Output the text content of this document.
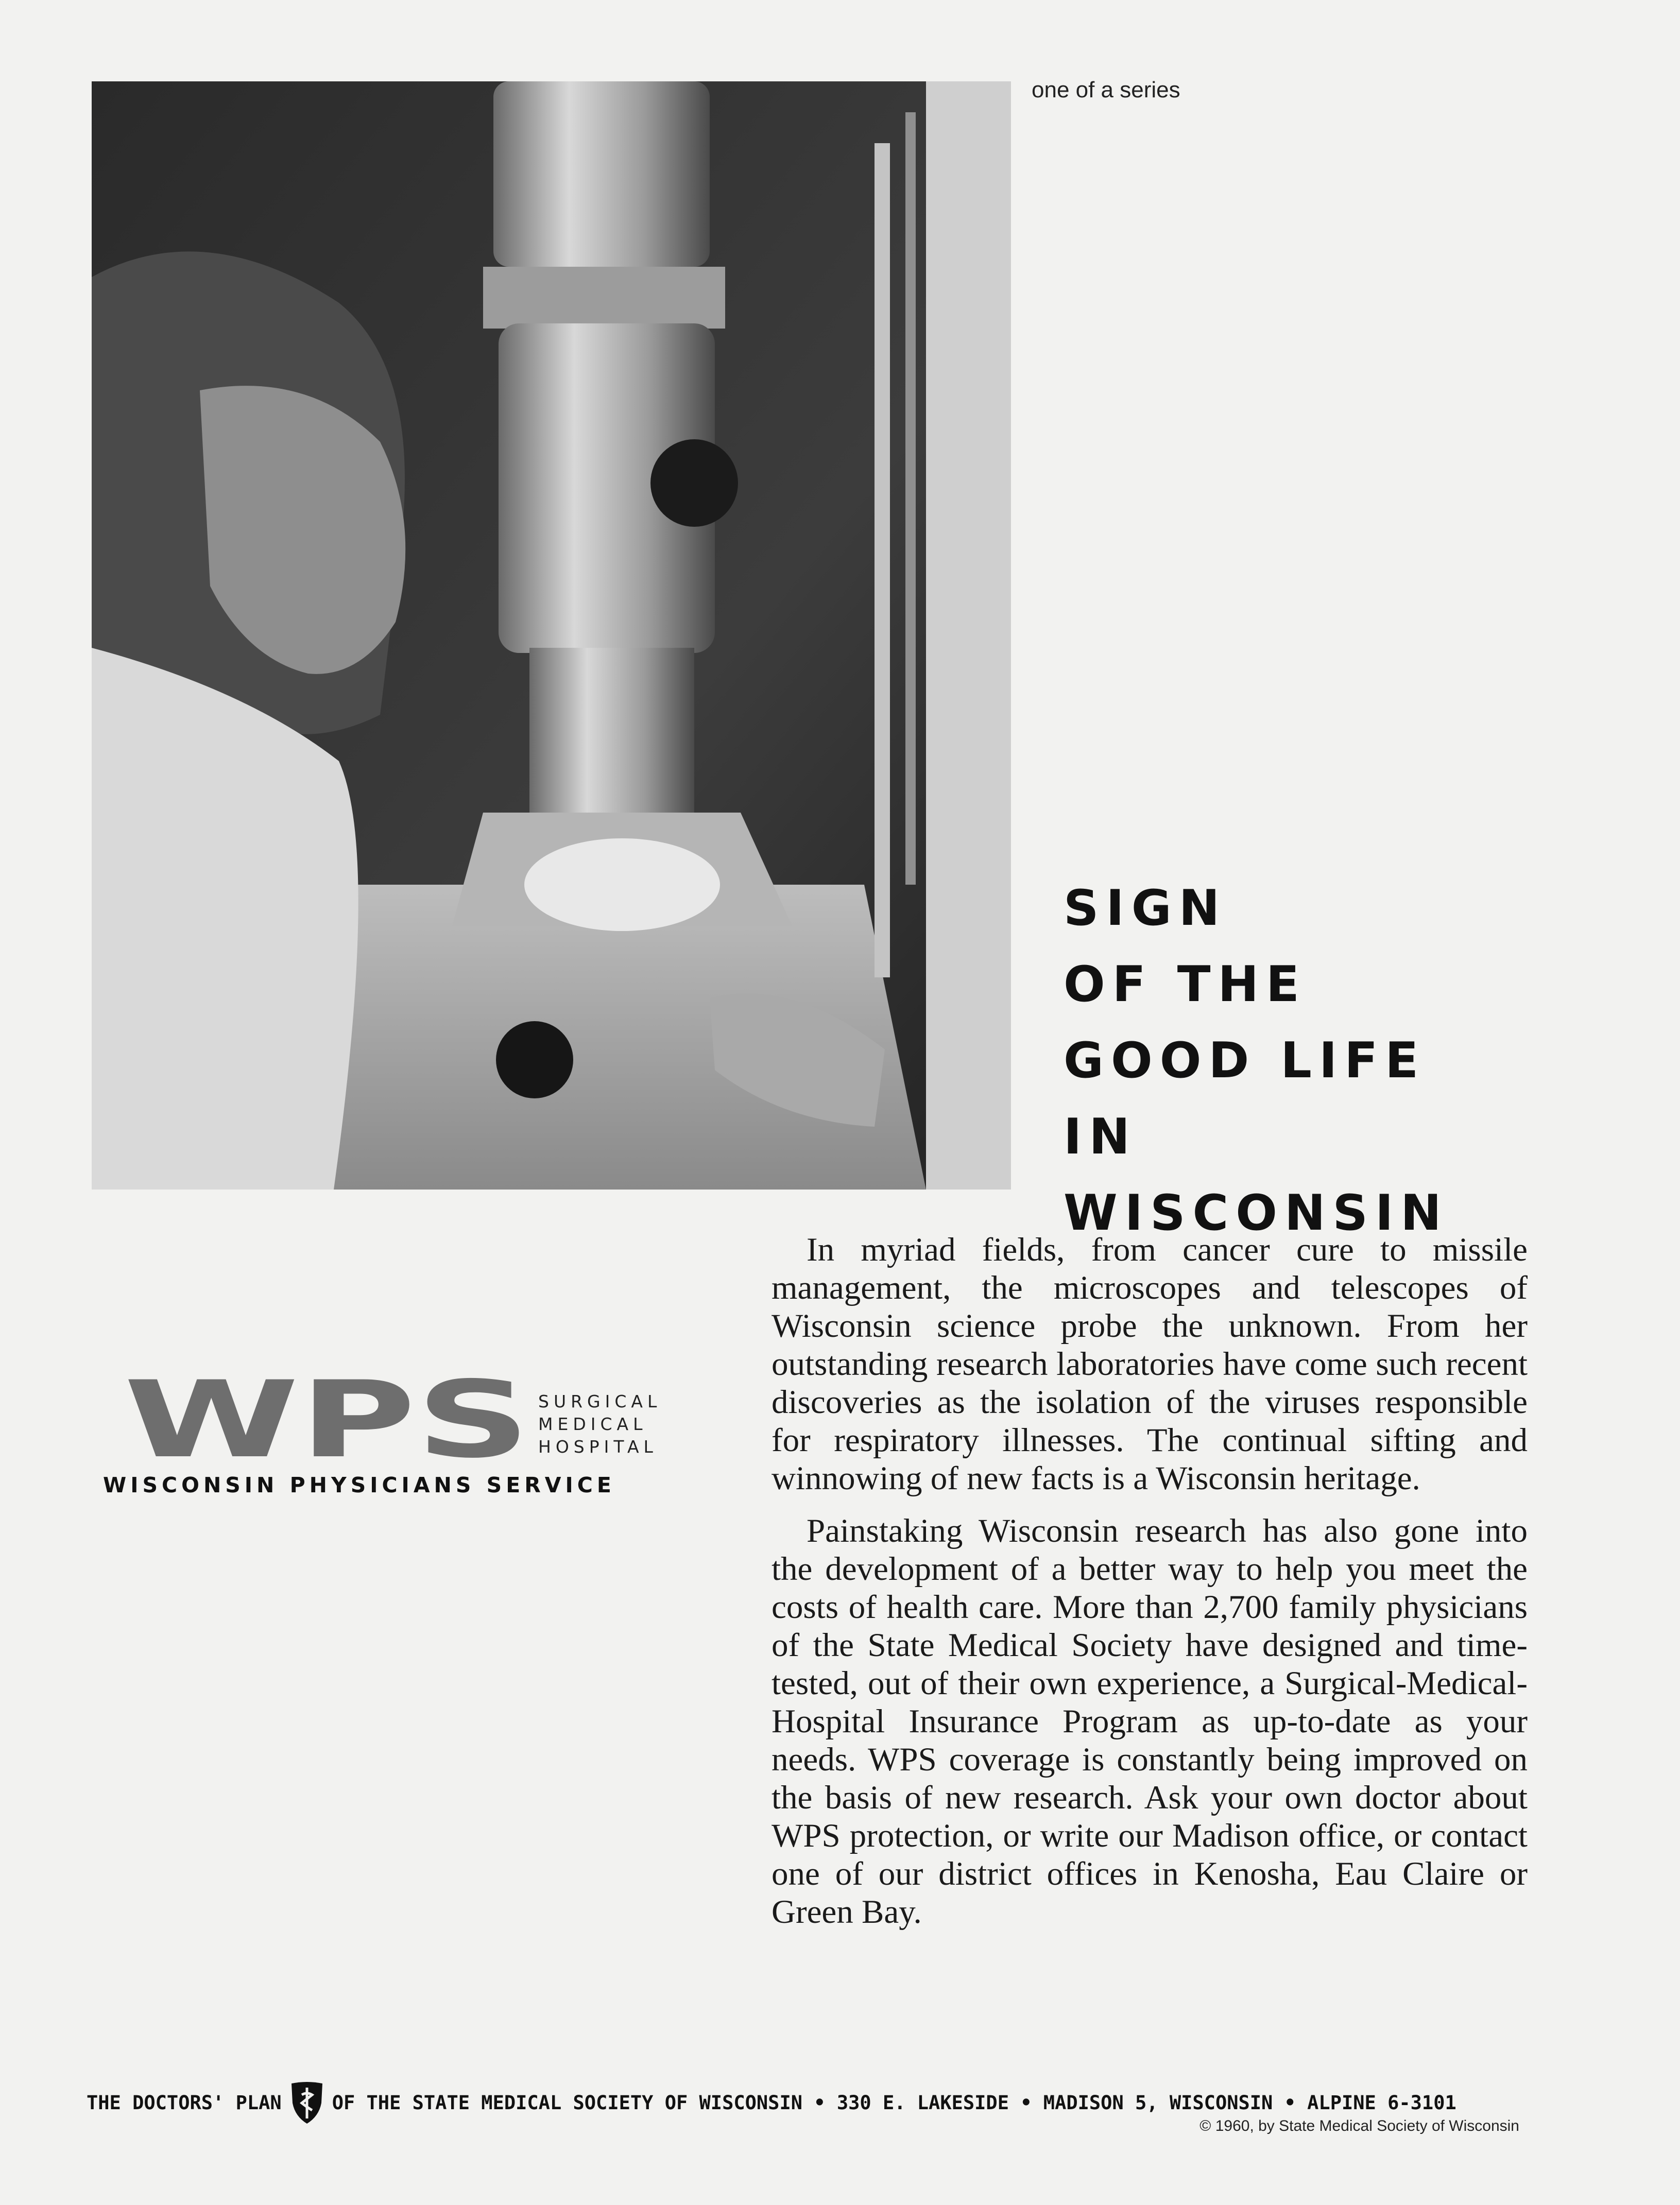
one of a series
SIGN
OF THE
GOOD LIFE
IN
WISCONSIN

In myriad fields, from cancer cure to missile management, the microscopes and telescopes of Wisconsin science probe the unknown. From her outstanding research laboratories have come such recent discoveries as the isolation of the viruses responsible for respiratory illnesses. The continual sifting and winnowing of new facts is a Wisconsin heritage.

Painstaking Wisconsin research has also gone into the development of a better way to help you meet the costs of health care. More than 2,700 family physicians of the State Medical Society have designed and time-tested, out of their own experience, a Surgical-Medical-Hospital Insurance Program as up-to-date as your needs. WPS coverage is constantly being improved on the basis of new research. Ask your own doctor about WPS protection, or write our Madison office, or contact one of our district offices in Kenosha, Eau Claire or Green Bay.

WPS SURGICAL
MEDICAL
HOSPITAL
WISCONSIN PHYSICIANS SERVICE
THE DOCTORS' PLAN	OF THE STATE MEDICAL SOCIETY OF WISCONSIN • 330 E. LAKESIDE • MADISON 5, WISCONSIN • ALPINE 6-3101
© 1960, by State Medical Society of Wisconsin
